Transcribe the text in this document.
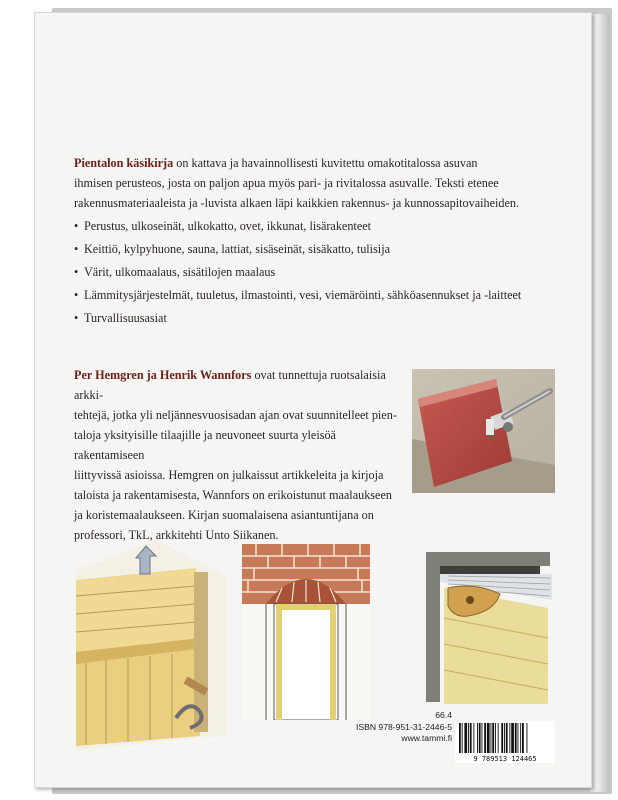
Pientalon käsikirja on kattava ja havainnollisesti kuvitettu omakotitalossa asuvan
ihmisen perusteos, josta on paljon apua myös pari- ja rivitalossa asuvalle. Teksti etenee
rakennusmateriaaleista ja -luvista alkaen läpi kaikkien rakennus- ja kunnossapitovaiheiden.

• Perustus, ulkoseinät, ulkokatto, ovet, ikkunat, lisärakenteet
• Keittiö, kylpyhuone, sauna, lattiat, sisäseinät, sisäkatto, tulisija
• Värit, ulkomaalaus, sisätilojen maalaus
• Lämmitysjärjestelmät, tuuletus, ilmastointi, vesi, viemäröinti, sähköasennukset ja -laitteet
• Turvallisuusasiat

Per Hemgren ja Henrik Wannfors ovat tunnettuja ruotsalaisia arkki-
tehtejä, jotka yli neljännesvuosisadan ajan ovat suunnitelleet pien-
taloja yksityisille tilaajille ja neuvoneet suurta yleisöä rakentamiseen
liittyvissä asioissa. Hemgren on julkaissut artikkeleita ja kirjoja
taloista ja rakentamisesta, Wannfors on erikoistunut maalaukseen
ja koristemaalaukseen. Kirjan suomalaisena asiantuntijana on
professori, TkL, arkkitehti Unto Siikanen.

66.4
ISBN 978-951-31-2446-5
www.tammi.fi
9 789513 124465
